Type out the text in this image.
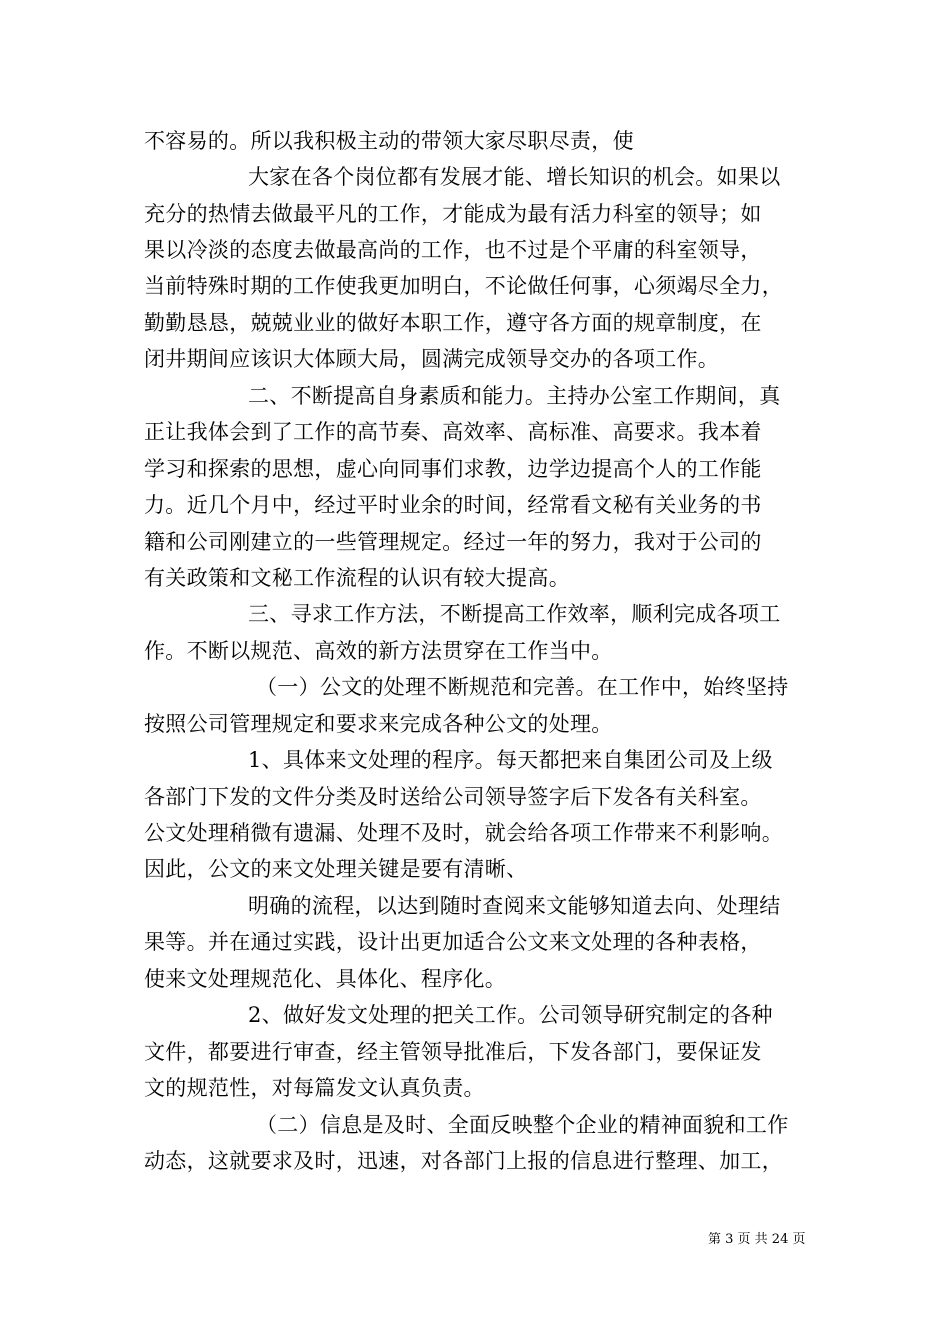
不容易的。所以我积极主动的带领大家尽职尽责，使
大家在各个岗位都有发展才能、增长知识的机会。如果以
充分的热情去做最平凡的工作，才能成为最有活力科室的领导；如
果以冷淡的态度去做最高尚的工作，也不过是个平庸的科室领导，
当前特殊时期的工作使我更加明白，不论做任何事，心须竭尽全力，
勤勤恳恳，兢兢业业的做好本职工作，遵守各方面的规章制度，在
闭井期间应该识大体顾大局，圆满完成领导交办的各项工作。
二、不断提高自身素质和能力。主持办公室工作期间，真
正让我体会到了工作的高节奏、高效率、高标准、高要求。我本着
学习和探索的思想，虚心向同事们求教，边学边提高个人的工作能
力。近几个月中，经过平时业余的时间，经常看文秘有关业务的书
籍和公司刚建立的一些管理规定。经过一年的努力，我对于公司的
有关政策和文秘工作流程的认识有较大提高。
三、寻求工作方法，不断提高工作效率，顺利完成各项工
作。不断以规范、高效的新方法贯穿在工作当中。
（一）公文的处理不断规范和完善。在工作中，始终坚持
按照公司管理规定和要求来完成各种公文的处理。
1、具体来文处理的程序。每天都把来自集团公司及上级
各部门下发的文件分类及时送给公司领导签字后下发各有关科室。
公文处理稍微有遗漏、处理不及时，就会给各项工作带来不利影响。
因此，公文的来文处理关键是要有清晰、
明确的流程，以达到随时查阅来文能够知道去向、处理结
果等。并在通过实践，设计出更加适合公文来文处理的各种表格，
使来文处理规范化、具体化、程序化。
2、做好发文处理的把关工作。公司领导研究制定的各种
文件，都要进行审查，经主管领导批准后，下发各部门，要保证发
文的规范性，对每篇发文认真负责。
（二）信息是及时、全面反映整个企业的精神面貌和工作
动态，这就要求及时，迅速，对各部门上报的信息进行整理、加工，
第 3 页 共 24 页
